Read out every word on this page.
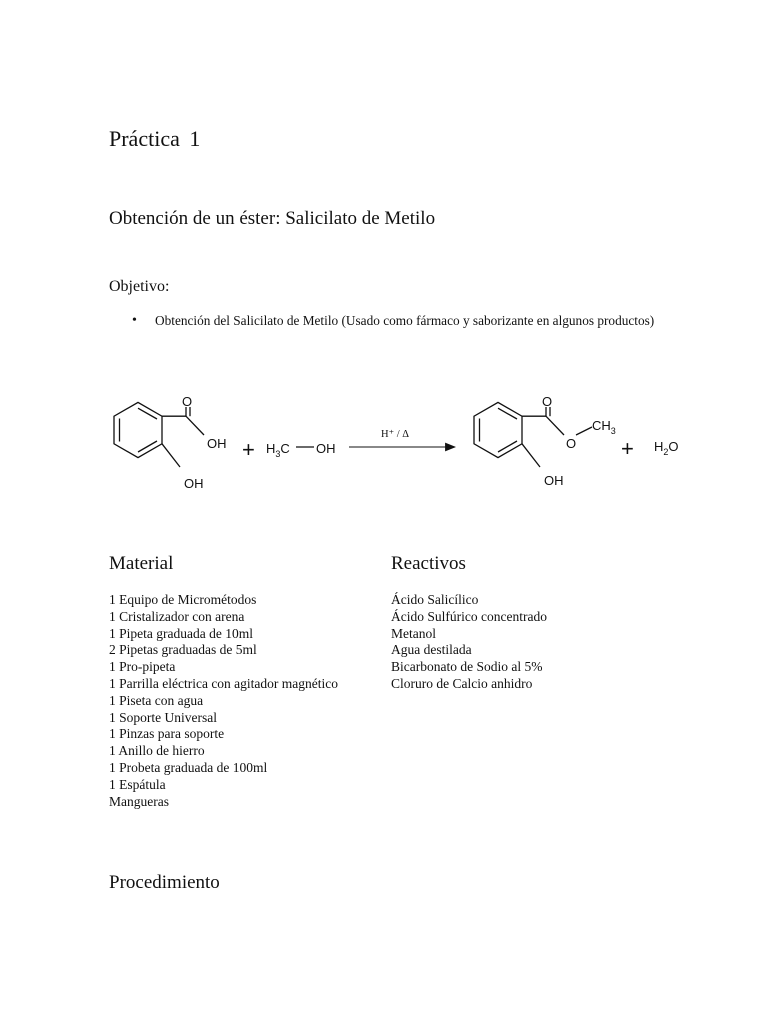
Práctica 1
Obtención de un éster: Salicilato de Metilo
Objetivo:
• Obtención del Salicilato de Metilo (Usado como fármaco y saborizante en algunos productos)
O
OH
OH
+ $H_3C$ OH
H⁺ / Δ
O
O
$CH_3$
OH
+ $H_2O$
Material
1 Equipo de Micrométodos
1 Cristalizador con arena
1 Pipeta graduada de 10ml
2 Pipetas graduadas de 5ml
1 Pro-pipeta
1 Parrilla eléctrica con agitador magnético
1 Piseta con agua
1 Soporte Universal
1 Pinzas para soporte
1 Anillo de hierro
1 Probeta graduada de 100ml
1 Espátula
Mangueras
Reactivos
Ácido Salicílico
Ácido Sulfúrico concentrado
Metanol
Agua destilada
Bicarbonato de Sodio al 5%
Cloruro de Calcio anhidro
Procedimiento
